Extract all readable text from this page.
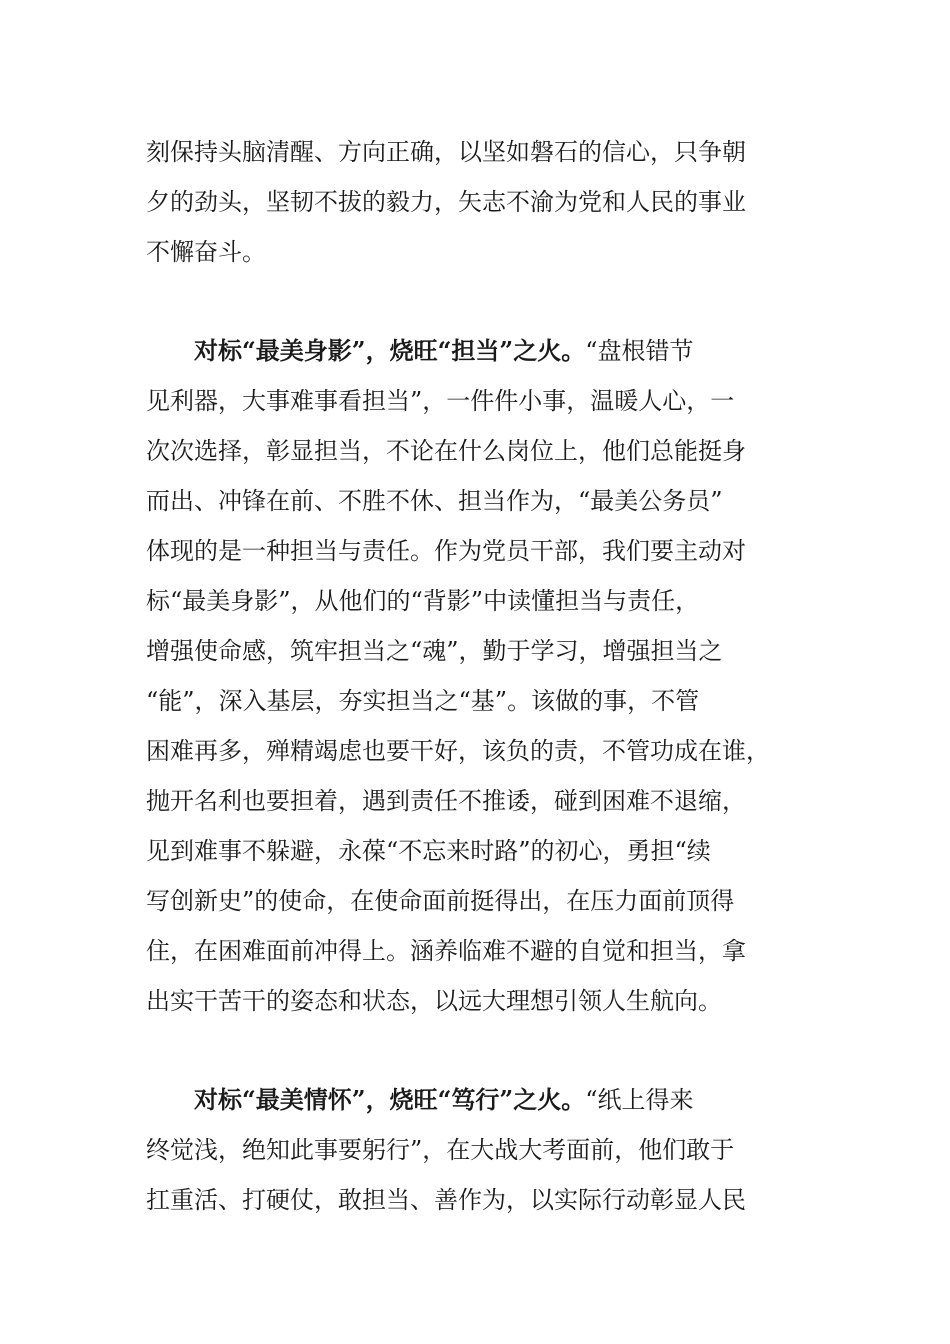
刻保持头脑清醒、方向正确，以坚如磐石的信心，只争朝
夕的劲头，坚韧不拔的毅力，矢志不渝为党和人民的事业
不懈奋斗。
对标“最美身影”，烧旺“担当”之火。“盘根错节
见利器，大事难事看担当”，一件件小事，温暖人心，一
次次选择，彰显担当，不论在什么岗位上，他们总能挺身
而出、冲锋在前、不胜不休、担当作为，“最美公务员”
体现的是一种担当与责任。作为党员干部，我们要主动对
标“最美身影”，从他们的“背影”中读懂担当与责任，
增强使命感，筑牢担当之“魂”，勤于学习，增强担当之
“能”，深入基层，夯实担当之“基”。该做的事，不管
困难再多，殚精竭虑也要干好，该负的责，不管功成在谁，
抛开名利也要担着，遇到责任不推诿，碰到困难不退缩，
见到难事不躲避，永葆“不忘来时路”的初心，勇担“续
写创新史”的使命，在使命面前挺得出，在压力面前顶得
住，在困难面前冲得上。涵养临难不避的自觉和担当，拿
出实干苦干的姿态和状态，以远大理想引领人生航向。
对标“最美情怀”，烧旺“笃行”之火。“纸上得来
终觉浅，绝知此事要躬行”，在大战大考面前，他们敢于
扛重活、打硬仗，敢担当、善作为，以实际行动彰显人民
